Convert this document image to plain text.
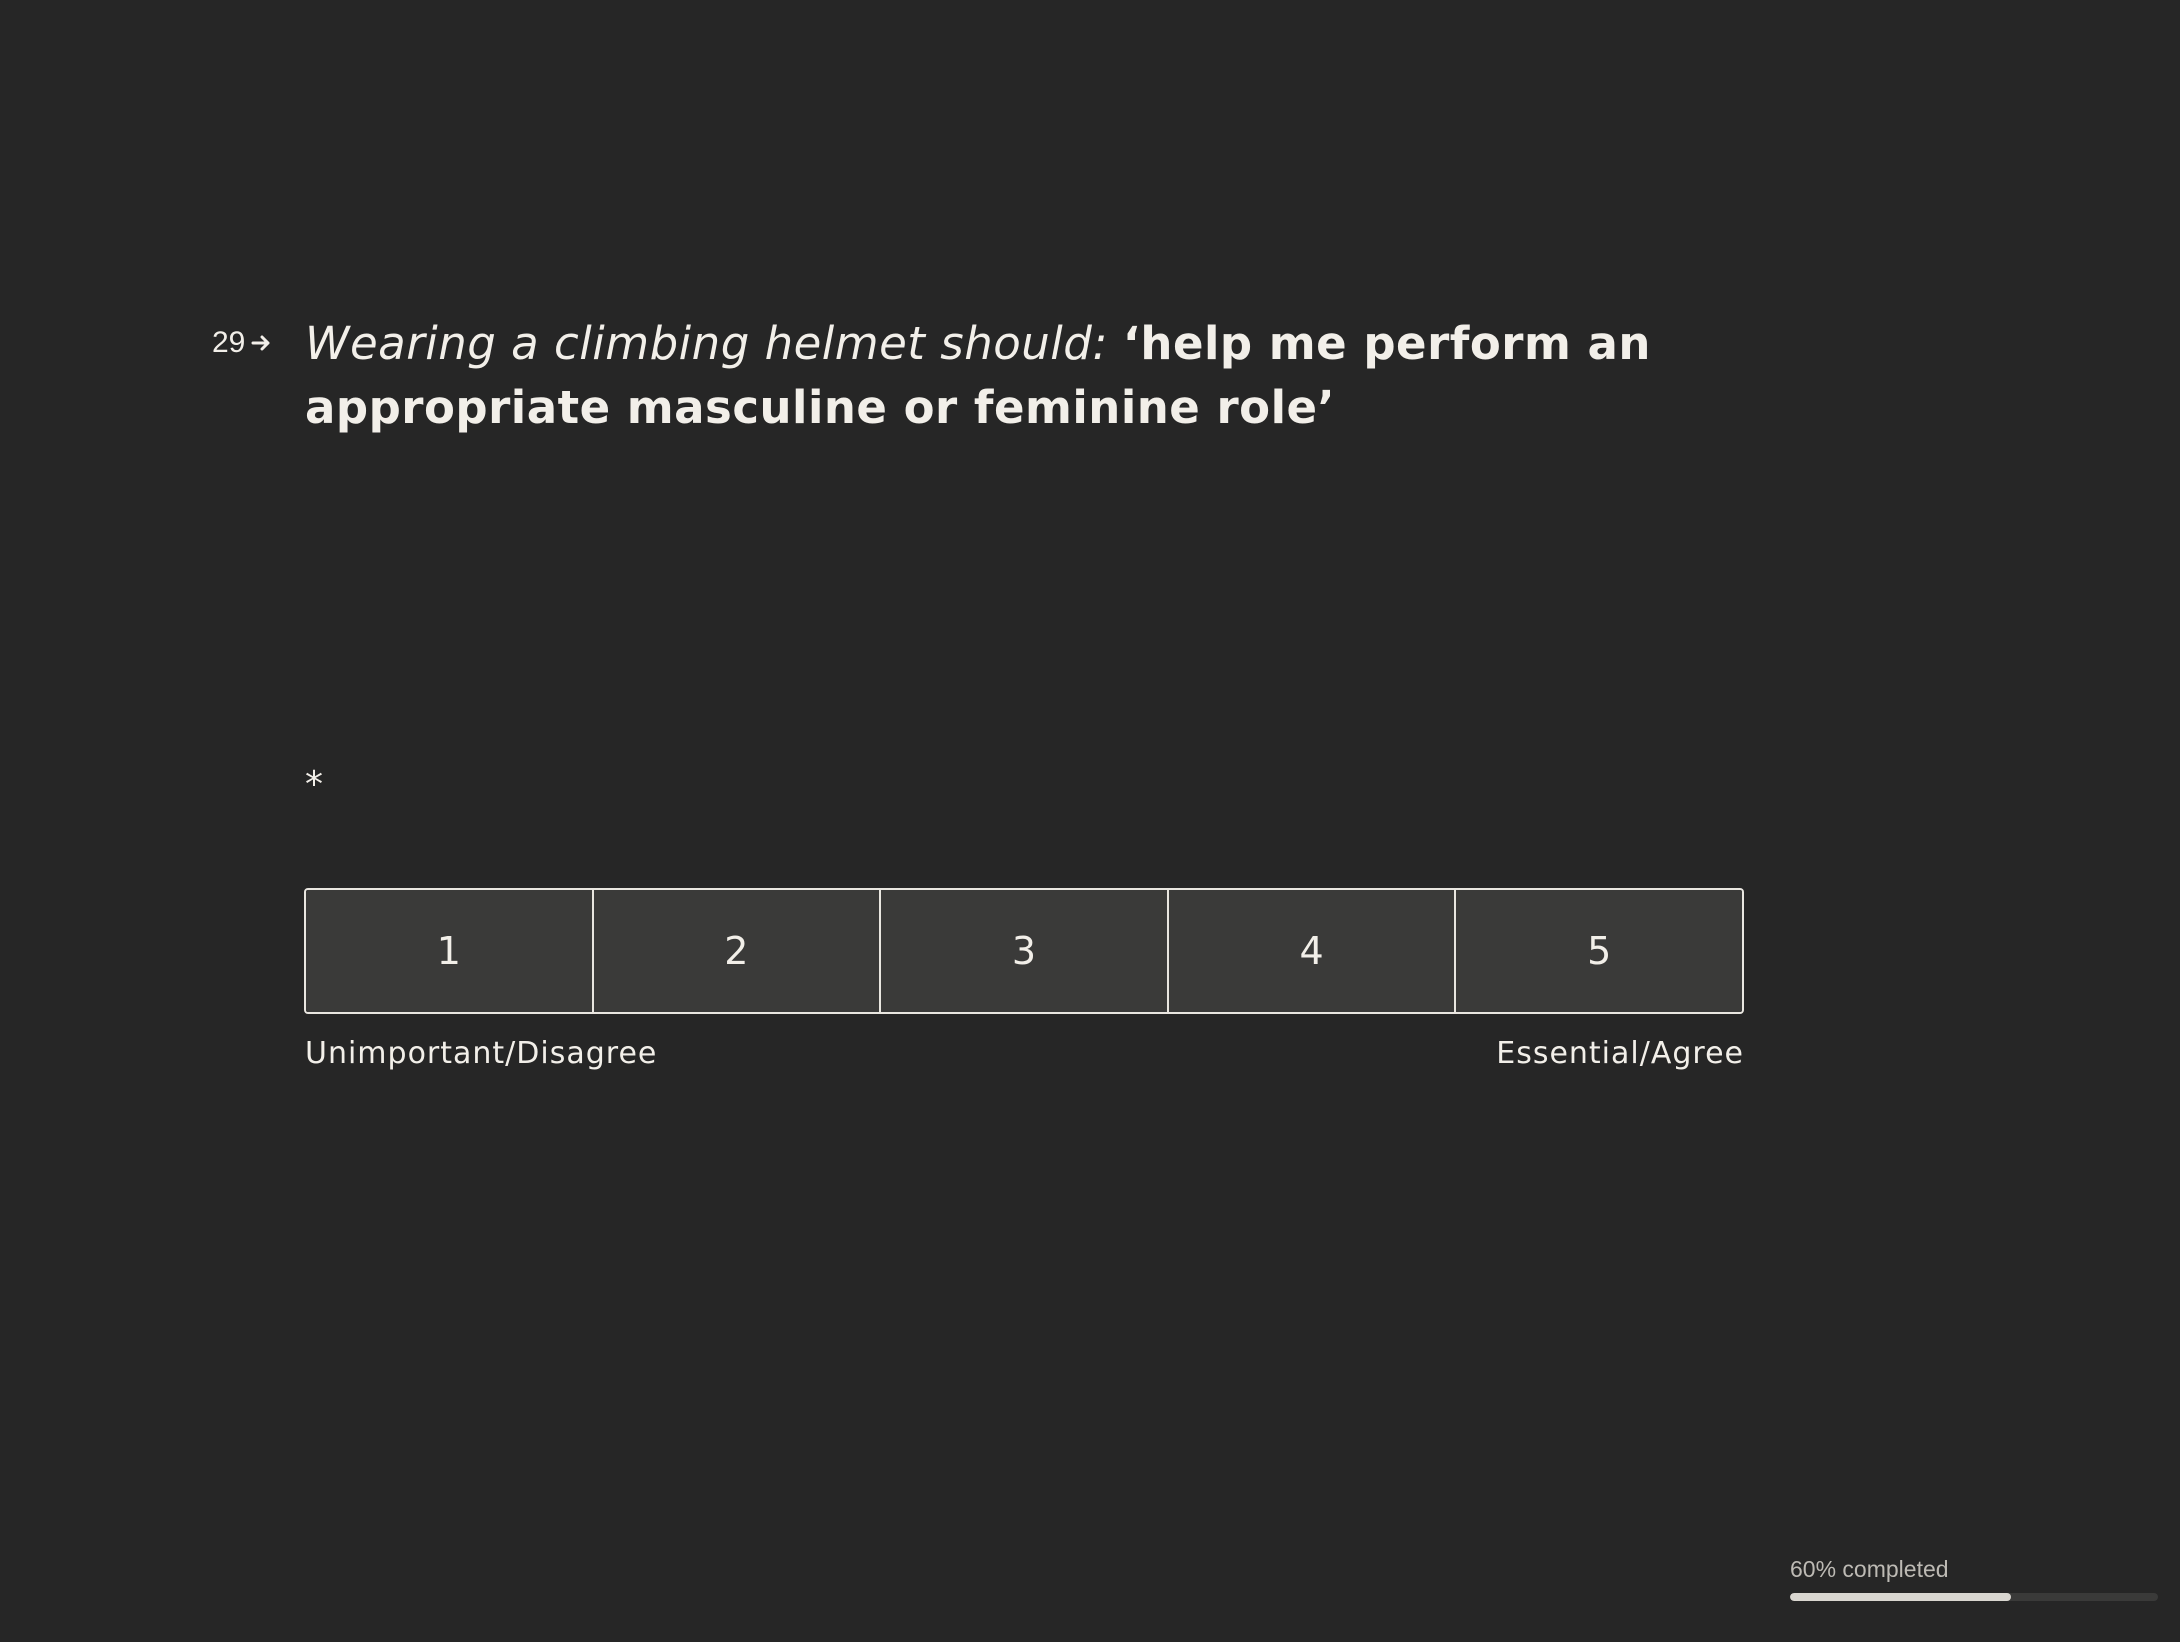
29 Wearing a climbing helmet should: ‘help me perform an appropriate masculine or feminine role’
*
1	2	3	4	5
Unimportant/Disagree	Essential/Agree
60% completed
